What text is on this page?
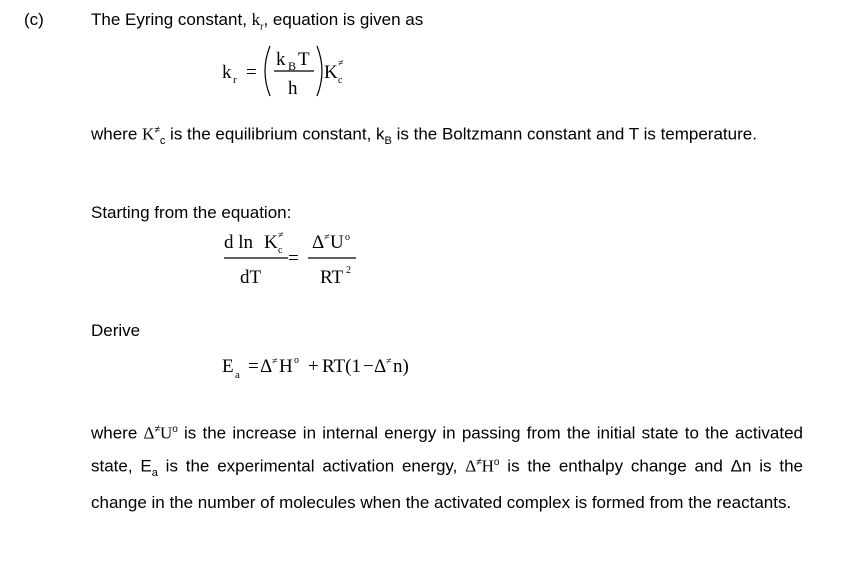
(c)	The Eyring constant, $k_r$, equation is given as
k r =
k B T
h
K ≠
c
where $K^\ne_c$ is the equilibrium constant, $k_B$ is the Boltzmann constant and T is temperature.
Starting from the equation:
d ln K ≠
c
dT
=
Δ ≠ U o
RT 2
Derive
E a = Δ ≠ H o + RT(1 − Δ ≠ n)
where $\Delta^\ne U^o$ is the increase in internal energy in passing from the initial state to the activated state, $E_a$ is the experimental activation energy, $\Delta^\ne H^o$ is the enthalpy change and Δn is the change in the number of molecules when the activated complex is formed from the reactants.
